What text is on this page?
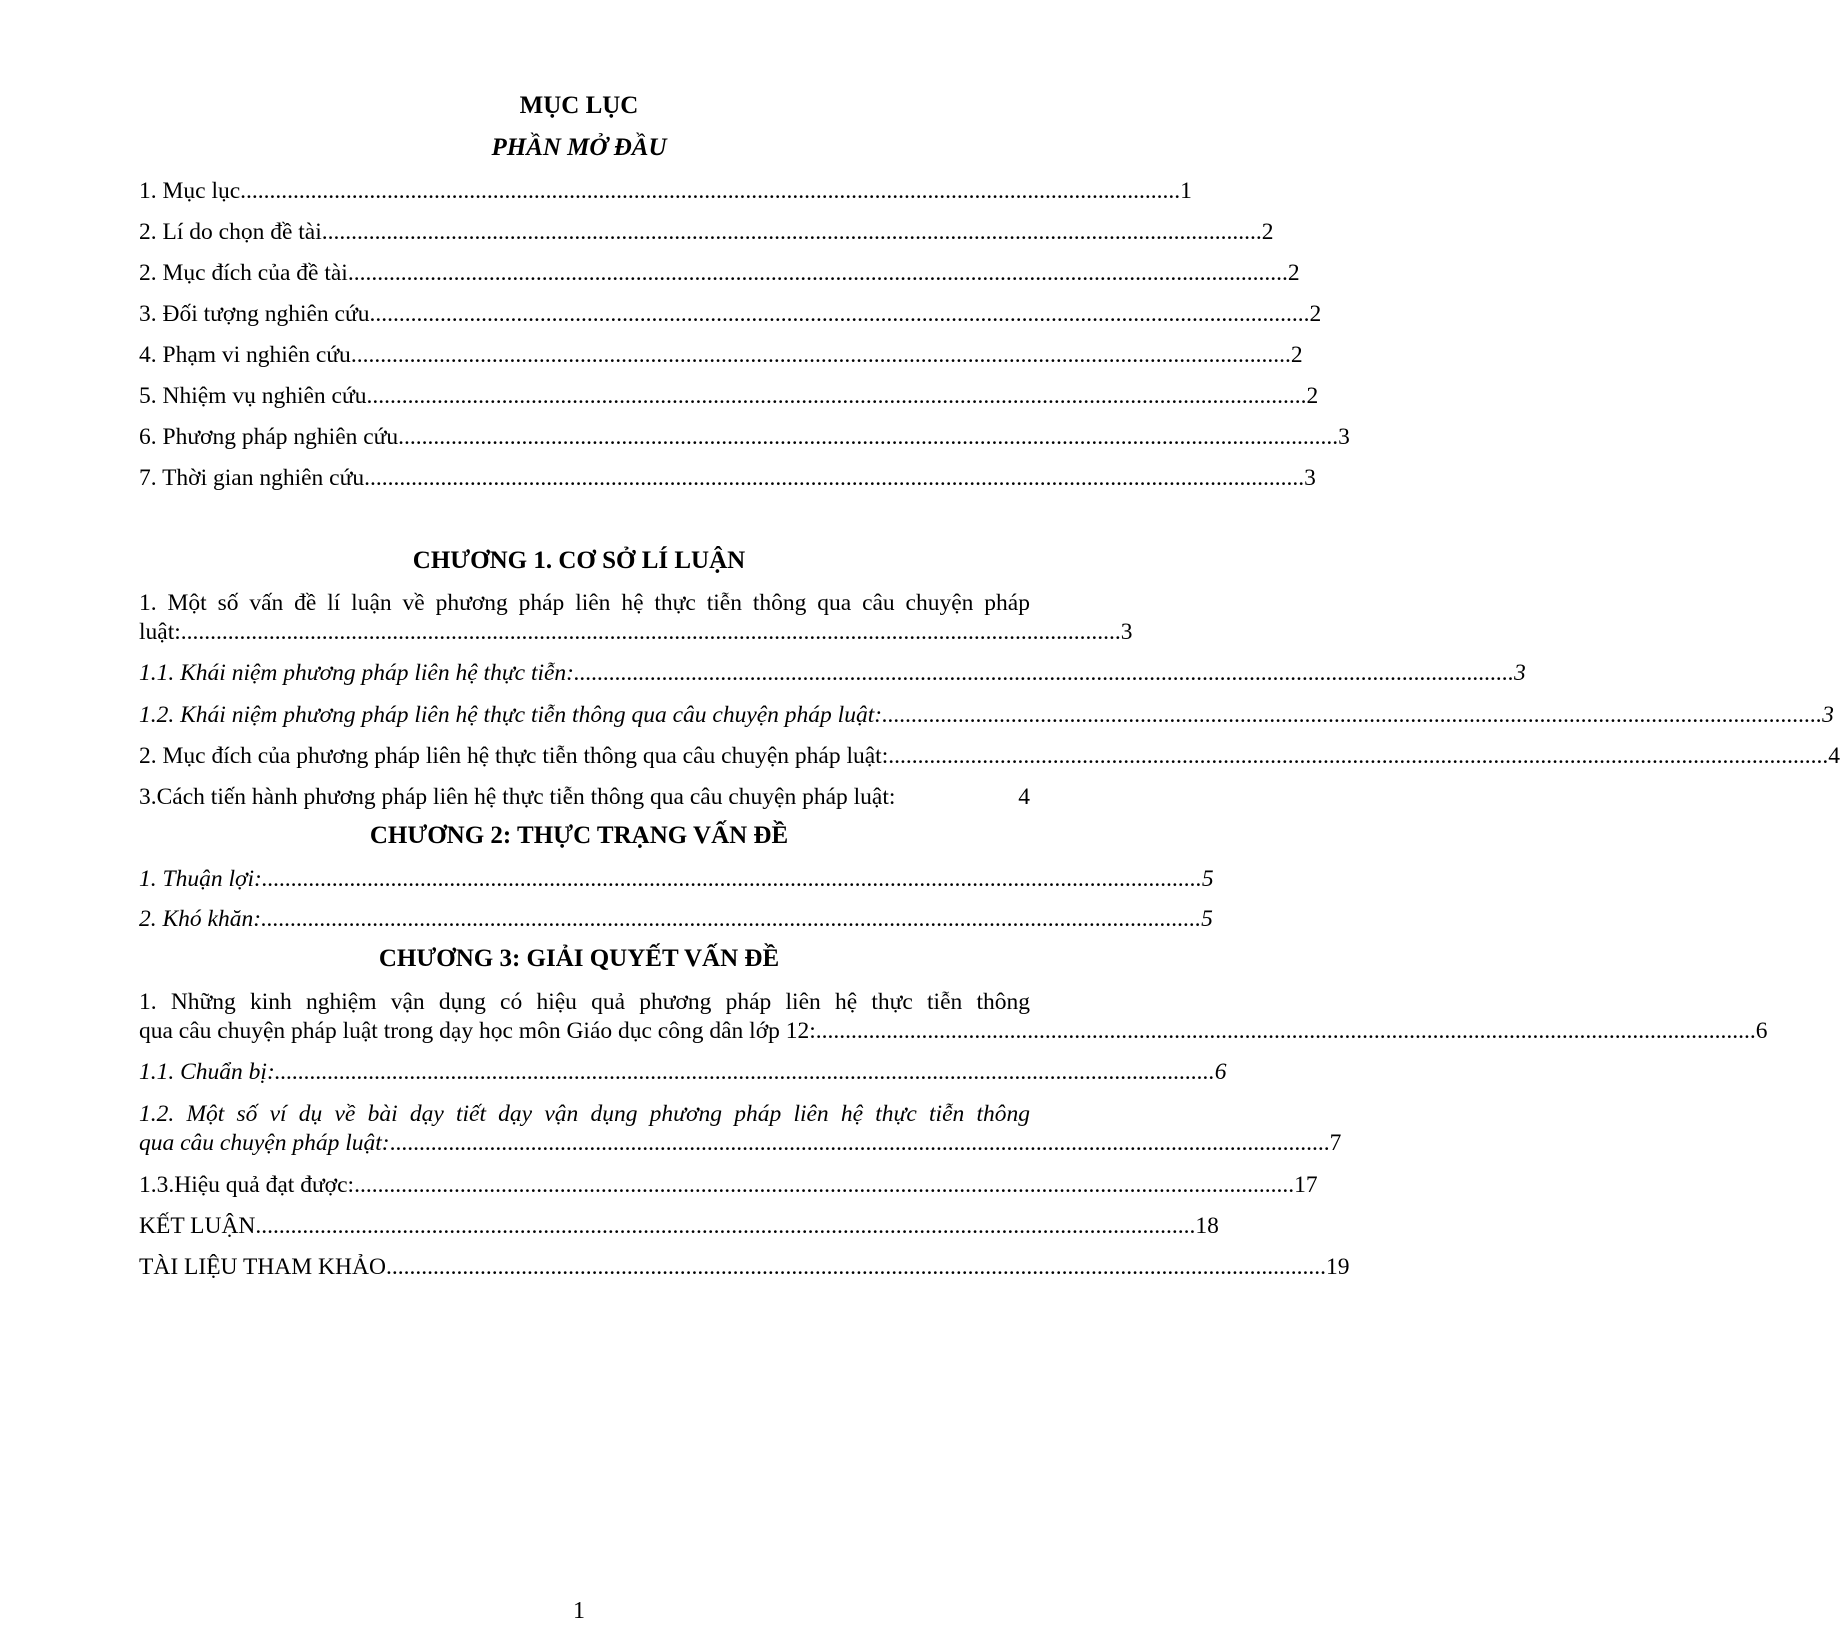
MỤC LỤC
PHẦN MỞ ĐẦU
1. Mục lục ................................................................................................................................................................ 1
2. Lí do chọn đề tài ................................................................................................................................................................ 2
2. Mục đích của đề tài ................................................................................................................................................................ 2
3. Đối tượng nghiên cứu ................................................................................................................................................................ 2
4. Phạm vi nghiên cứu ................................................................................................................................................................ 2
5. Nhiệm vụ nghiên cứu ................................................................................................................................................................ 2
6. Phương pháp nghiên cứu ................................................................................................................................................................ 3
7. Thời gian nghiên cứu ................................................................................................................................................................ 3
CHƯƠNG 1. CƠ SỞ LÍ LUẬN
1. Một số vấn đề lí luận về phương pháp liên hệ thực tiễn thông qua câu chuyện pháp
luật: ................................................................................................................................................................ 3
1.1. Khái niệm phương pháp liên hệ thực tiễn: ................................................................................................................................................................ 3
1.2. Khái niệm phương pháp liên hệ thực tiễn thông qua câu chuyện pháp luật: ................................................................................................................................................................ 3
2. Mục đích của phương pháp liên hệ thực tiễn thông qua câu chuyện pháp luật: ................................................................................................................................................................ 4
3.Cách tiến hành phương pháp liên hệ thực tiễn thông qua câu chuyện pháp luật:	4
CHƯƠNG 2: THỰC TRẠNG VẤN ĐỀ
1. Thuận lợi: ................................................................................................................................................................ 5
2. Khó khăn: ................................................................................................................................................................ 5
CHƯƠNG 3: GIẢI QUYẾT VẤN ĐỀ
1. Những kinh nghiệm vận dụng có hiệu quả phương pháp liên hệ thực tiễn thông
qua câu chuyện pháp luật trong dạy học môn Giáo dục công dân lớp 12: ................................................................................................................................................................ 6
1.1. Chuẩn bị: ................................................................................................................................................................ 6
1.2. Một số ví dụ về bài dạy tiết dạy vận dụng phương pháp liên hệ thực tiễn thông
qua câu chuyện pháp luật: ................................................................................................................................................................ 7
1.3.Hiệu quả đạt được: ................................................................................................................................................................ 17
KẾT LUẬN ................................................................................................................................................................ 18
TÀI LIỆU THAM KHẢO ................................................................................................................................................................ 19
1
